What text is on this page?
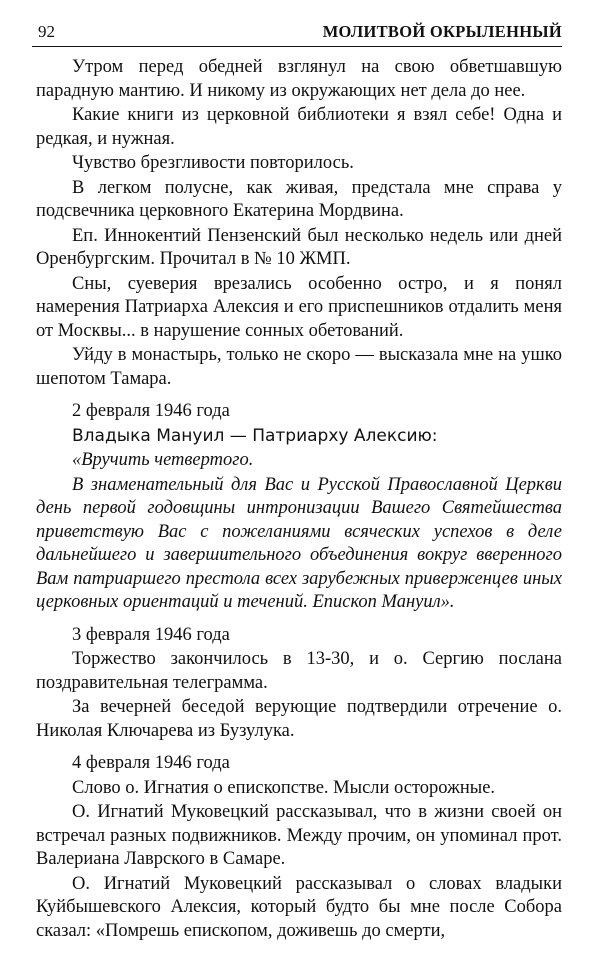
92	МОЛИТВОЙ ОКРЫЛЕННЫЙ

Утром перед обедней взглянул на свою обветшавшую парадную мантию. И никому из окружающих нет дела до нее.

Какие книги из церковной библиотеки я взял себе! Одна и редкая, и нужная.

Чувство брезгливости повторилось.

В легком полусне, как живая, предстала мне справа у подсвечника церковного Екатерина Мордвина.

Еп. Иннокентий Пензенский был несколько недель или дней Оренбургским. Прочитал в № 10 ЖМП.

Сны, суеверия врезались особенно остро, и я понял намерения Патриарха Алексия и его приспешников отдалить меня от Москвы... в нарушение сонных обетований.

Уйду в монастырь, только не скоро — высказала мне на ушко шепотом Тамара.

2 февраля 1946 года

Владыка Мануил — Патриарху Алексию:

«Вручить четвертого.

В знаменательный для Вас и Русской Православной Церкви день первой годовщины интронизации Вашего Святейшества приветствую Вас с пожеланиями всяческих успехов в деле дальнейшего и завершительного объединения вокруг вверенного Вам патриаршего престола всех зарубежных приверженцев иных церковных ориентаций и течений. Епископ Мануил».

3 февраля 1946 года

Торжество закончилось в 13-30, и о. Сергию послана поздравительная телеграмма.

За вечерней беседой верующие подтвердили отречение о. Николая Ключарева из Бузулука.

4 февраля 1946 года

Слово о. Игнатия о епископстве. Мысли осторожные.

О. Игнатий Муковецкий рассказывал, что в жизни своей он встречал разных подвижников. Между прочим, он упоминал прот. Валериана Лаврского в Самаре.

О. Игнатий Муковецкий рассказывал о словах владыки Куйбышевского Алексия, который будто бы мне после Собора сказал: «Помрешь епископом, доживешь до смерти,
